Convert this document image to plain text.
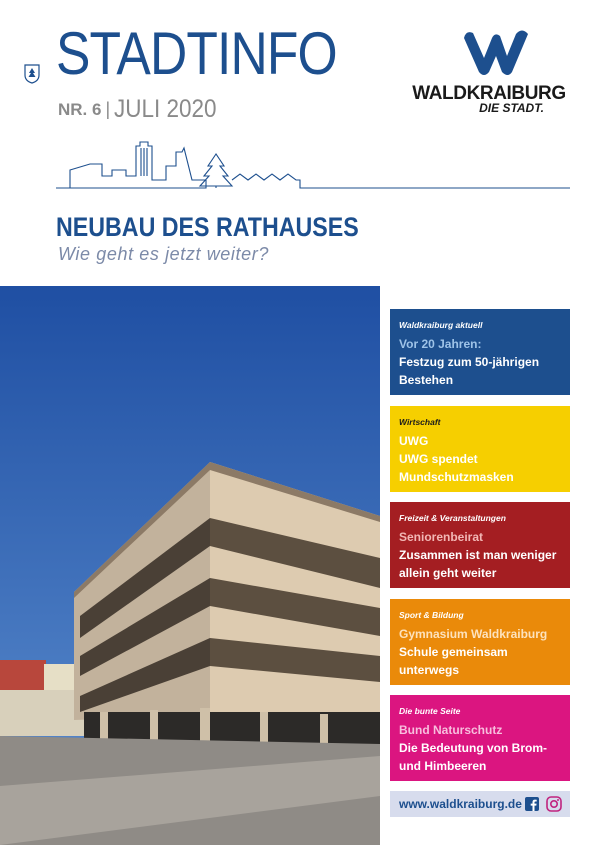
STADTINFO
NR. 6 | JULI 2020
WALDKRAIBURG
DIE STADT.
NEUBAU DES RATHAUSES
Wie geht es jetzt weiter?
Waldkraiburg aktuell
Vor 20 Jahren:
Festzug zum 50-jährigen Bestehen
Wirtschaft
UWG
UWG spendet Mundschutzmasken
Freizeit & Veranstaltungen
Seniorenbeirat
Zusammen ist man weniger allein geht weiter
Sport & Bildung
Gymnasium Waldkraiburg
Schule gemeinsam unterwegs
Die bunte Seite
Bund Naturschutz
Die Bedeutung von Brom- und Himbeeren
www.waldkraiburg.de
